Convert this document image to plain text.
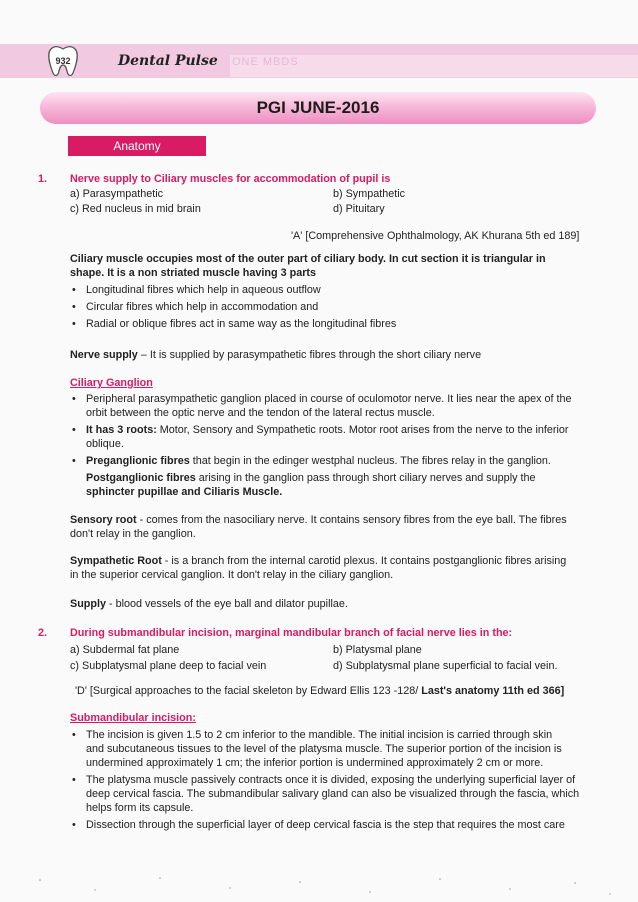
932	Dental Pulse ONE MBDS
PGI JUNE-2016
Anatomy
1. Nerve supply to Ciliary muscles for accommodation of pupil is
a) Parasympathetic	b) Sympathetic
c) Red nucleus in mid brain	d) Pituitary
'A' [Comprehensive Ophthalmology, AK Khurana 5th ed 189]
Ciliary muscle occupies most of the outer part of ciliary body. In cut section it is triangular in
shape. It is a non striated muscle having 3 parts
• Longitudinal fibres which help in aqueous outflow
• Circular fibres which help in accommodation and
• Radial or oblique fibres act in same way as the longitudinal fibres
Nerve supply – It is supplied by parasympathetic fibres through the short ciliary nerve
Ciliary Ganglion
• Peripheral parasympathetic ganglion placed in course of oculomotor nerve. It lies near the apex of the
orbit between the optic nerve and the tendon of the lateral rectus muscle.
• It has 3 roots: Motor, Sensory and Sympathetic roots. Motor root arises from the nerve to the inferior
oblique.
• Preganglionic fibres that begin in the edinger westphal nucleus. The fibres relay in the ganglion.
Postganglionic fibres arising in the ganglion pass through short ciliary nerves and supply the
sphincter pupillae and Ciliaris Muscle.
Sensory root - comes from the nasociliary nerve. It contains sensory fibres from the eye ball. The fibres
don't relay in the ganglion.
Sympathetic Root - is a branch from the internal carotid plexus. It contains postganglionic fibres arising
in the superior cervical ganglion. It don't relay in the ciliary ganglion.
Supply - blood vessels of the eye ball and dilator pupillae.
2. During submandibular incision, marginal mandibular branch of facial nerve lies in the:
a) Subdermal fat plane	b) Platysmal plane
c) Subplatysmal plane deep to facial vein	d) Subplatysmal plane superficial to facial vein.
'D' [Surgical approaches to the facial skeleton by Edward Ellis 123 -128/ Last's anatomy 11th ed 366]
Submandibular incision:
• The incision is given 1.5 to 2 cm inferior to the mandible. The initial incision is carried through skin
and subcutaneous tissues to the level of the platysma muscle. The superior portion of the incision is
undermined approximately 1 cm; the inferior portion is undermined approximately 2 cm or more.
• The platysma muscle passively contracts once it is divided, exposing the underlying superficial layer of
deep cervical fascia. The submandibular salivary gland can also be visualized through the fascia, which
helps form its capsule.
• Dissection through the superficial layer of deep cervical fascia is the step that requires the most care
